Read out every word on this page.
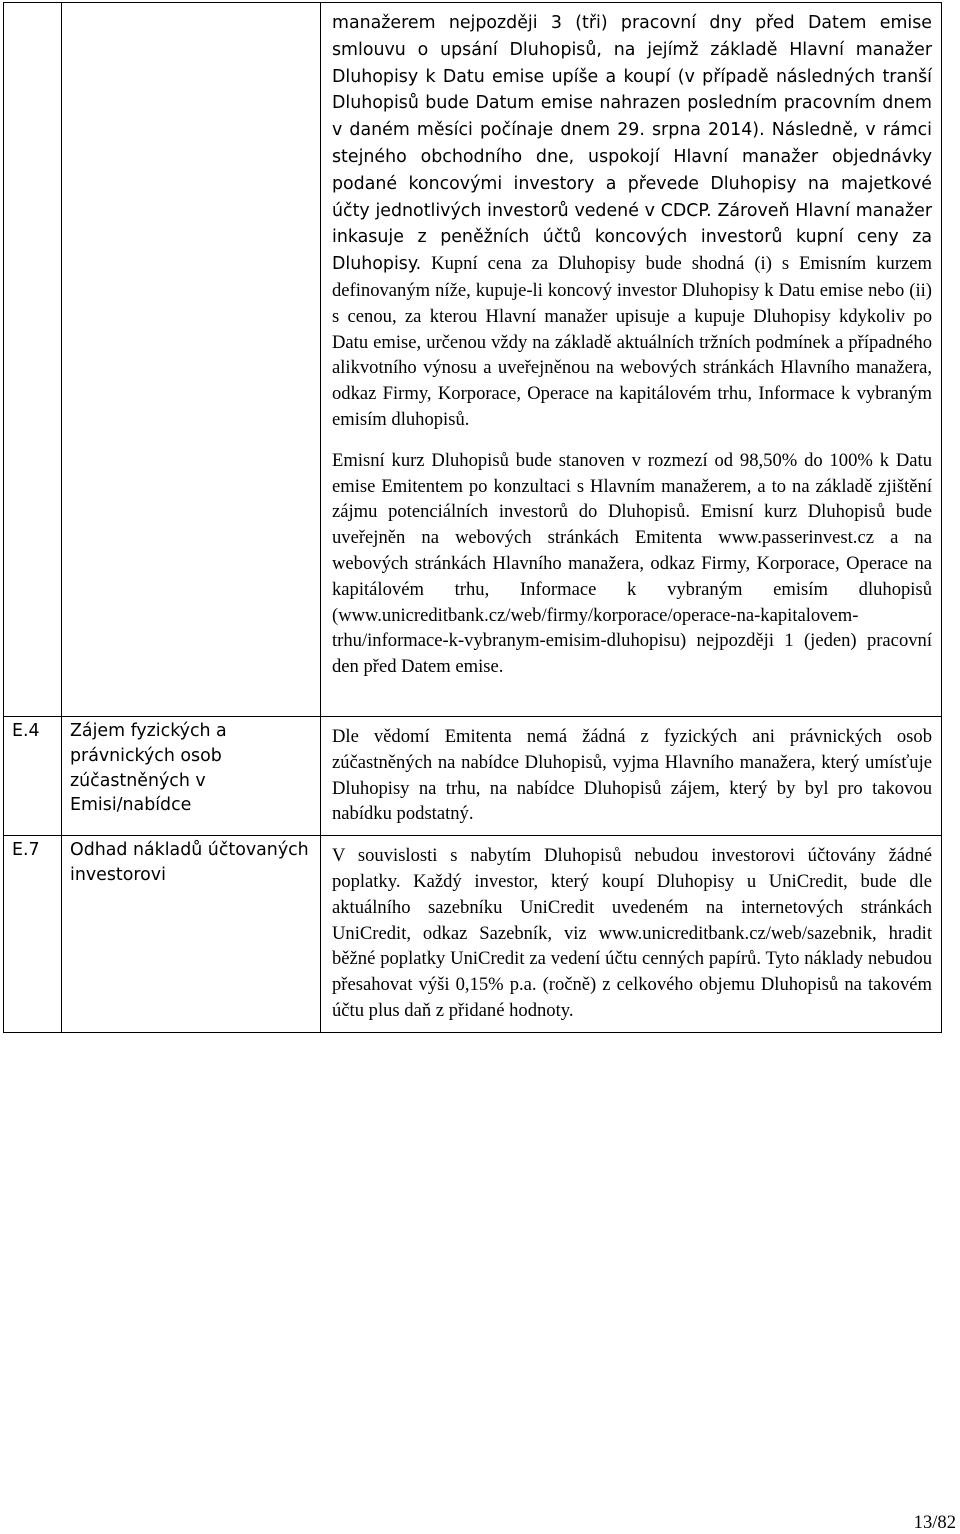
		manažerem nejpozději 3 (tři) pracovní dny před Datem emise smlouvu o upsání Dluhopisů, na jejímž základě Hlavní manažer Dluhopisy k Datu emise upíše a koupí (v případě následných tranší Dluhopisů bude Datum emise nahrazen posledním pracovním dnem v daném měsíci počínaje dnem 29. srpna 2014). Následně, v rámci stejného obchodního dne, uspokojí Hlavní manažer objednávky podané koncovými investory a převede Dluhopisy na majetkové účty jednotlivých investorů vedené v CDCP. Zároveň Hlavní manažer inkasuje z peněžních účtů koncových investorů kupní ceny za Dluhopisy. Kupní cena za Dluhopisy bude shodná (i) s Emisním kurzem definovaným níže, kupuje-li koncový investor Dluhopisy k Datu emise nebo (ii) s cenou, za kterou Hlavní manažer upisuje a kupuje Dluhopisy kdykoliv po Datu emise, určenou vždy na základě aktuálních tržních podmínek a případného alikvotního výnosu a uveřejněnou na webových stránkách Hlavního manažera, odkaz Firmy, Korporace, Operace na kapitálovém trhu, Informace k vybraným emisím dluhopisů.

Emisní kurz Dluhopisů bude stanoven v rozmezí od 98,50% do 100% k Datu emise Emitentem po konzultaci s Hlavním manažerem, a to na základě zjištění zájmu potenciálních investorů do Dluhopisů. Emisní kurz Dluhopisů bude uveřejněn na webových stránkách Emitenta www.passerinvest.cz a na webových stránkách Hlavního manažera, odkaz Firmy, Korporace, Operace na kapitálovém trhu, Informace k vybraným emisím dluhopisů (www.unicreditbank.cz/web/firmy/korporace/operace-na-kapitalovem-trhu/informace-k-vybranym-emisim-dluhopisu) nejpozději 1 (jeden) pracovní den před Datem emise.

E.4	Zájem fyzických a právnických osob zúčastněných v Emisi/nabídce	Dle vědomí Emitenta nemá žádná z fyzických ani právnických osob zúčastněných na nabídce Dluhopisů, vyjma Hlavního manažera, který umísťuje Dluhopisy na trhu, na nabídce Dluhopisů zájem, který by byl pro takovou nabídku podstatný.
E.7	Odhad nákladů účtovaných investorovi	V souvislosti s nabytím Dluhopisů nebudou investorovi účtovány žádné poplatky. Každý investor, který koupí Dluhopisy u UniCredit, bude dle aktuálního sazebníku UniCredit uvedeném na internetových stránkách UniCredit, odkaz Sazebník, viz www.unicreditbank.cz/web/sazebnik, hradit běžné poplatky UniCredit za vedení účtu cenných papírů. Tyto náklady nebudou přesahovat výši 0,15% p.a. (ročně) z celkového objemu Dluhopisů na takovém účtu plus daň z přidané hodnoty.
13/82
